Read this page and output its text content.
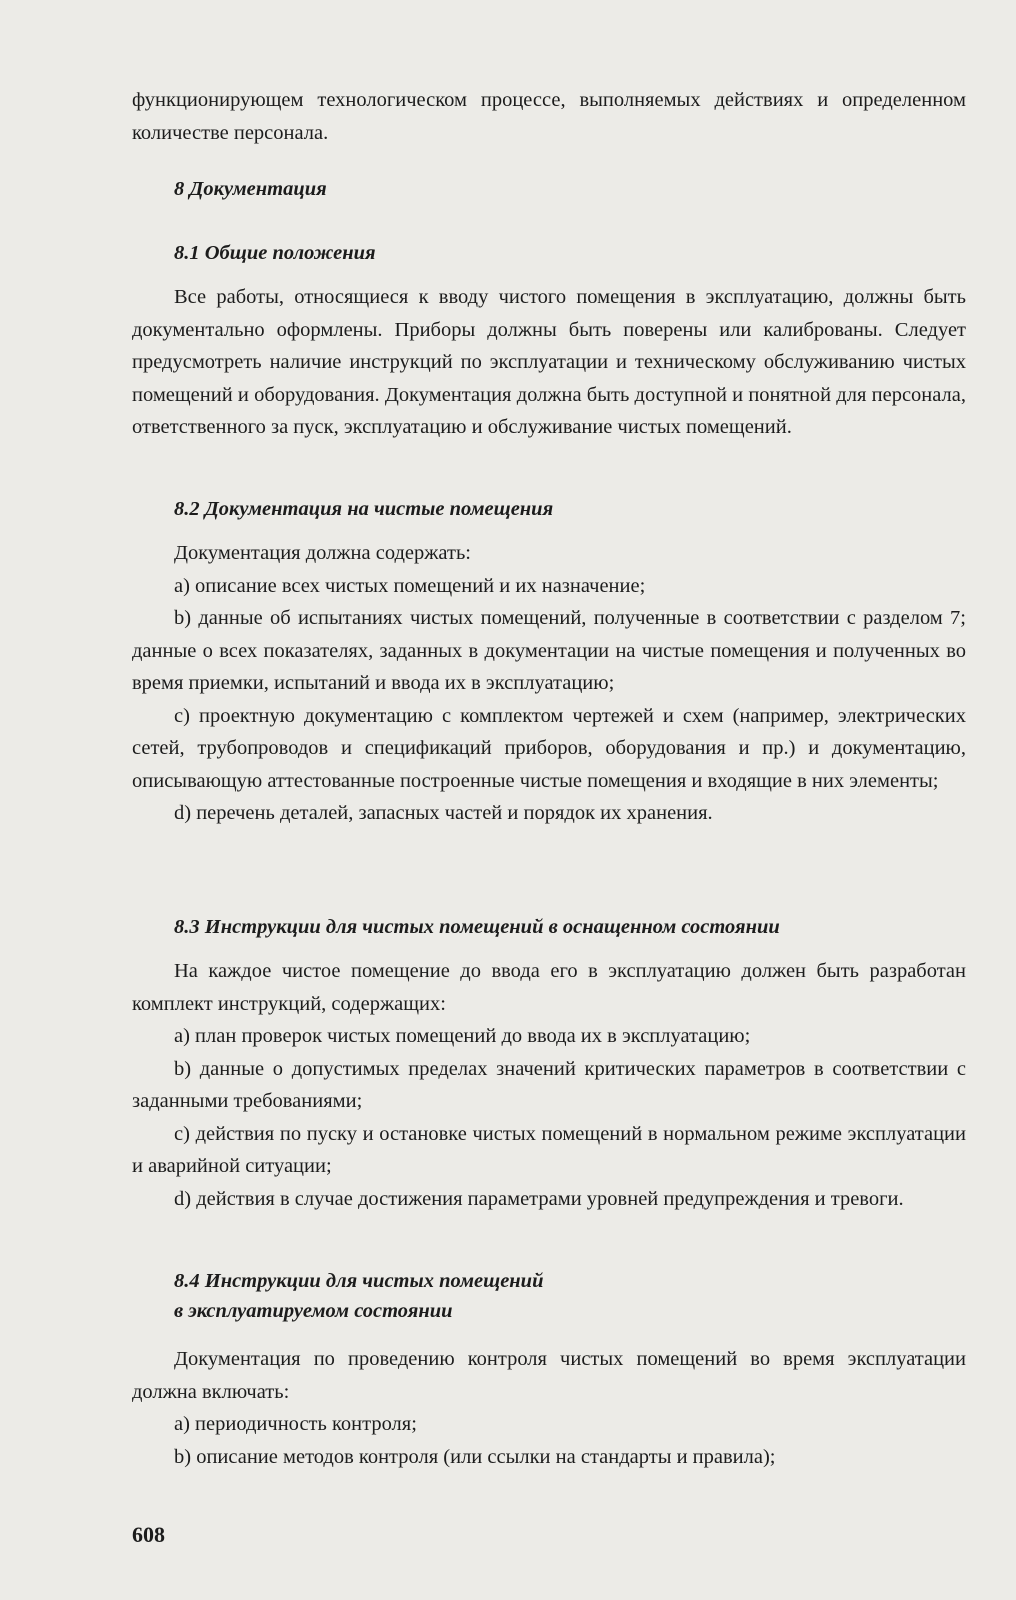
функционирующем технологическом процессе, выполняемых действиях и определенном количестве персонала.

8 Документация
8.1 Общие положения

Все работы, относящиеся к вводу чистого помещения в эксплуатацию, должны быть документально оформлены. Приборы должны быть поверены или калиброваны. Следует предусмотреть наличие инструкций по эксплуатации и техническому обслуживанию чистых помещений и оборудования. Документация должна быть доступной и понятной для персонала, ответственного за пуск, эксплуатацию и обслуживание чистых помещений.

8.2 Документация на чистые помещения

Документация должна содержать:

a) описание всех чистых помещений и их назначение;

b) данные об испытаниях чистых помещений, полученные в соответствии с разделом 7; данные о всех показателях, заданных в документации на чистые помещения и полученных во время приемки, испытаний и ввода их в эксплуатацию;

c) проектную документацию с комплектом чертежей и схем (например, электрических сетей, трубопроводов и спецификаций приборов, оборудования и пр.) и документацию, описывающую аттестованные построенные чистые помещения и входящие в них элементы;

d) перечень деталей, запасных частей и порядок их хранения.

8.3 Инструкции для чистых помещений в оснащенном состоянии

На каждое чистое помещение до ввода его в эксплуатацию должен быть разработан комплект инструкций, содержащих:

a) план проверок чистых помещений до ввода их в эксплуатацию;

b) данные о допустимых пределах значений критических параметров в соответствии с заданными требованиями;

c) действия по пуску и остановке чистых помещений в нормальном режиме эксплуатации и аварийной ситуации;

d) действия в случае достижения параметрами уровней предупреждения и тревоги.

8.4 Инструкции для чистых помещений
в эксплуатируемом состоянии

Документация по проведению контроля чистых помещений во время эксплуатации должна включать:

a) периодичность контроля;

b) описание методов контроля (или ссылки на стандарты и правила);

608
